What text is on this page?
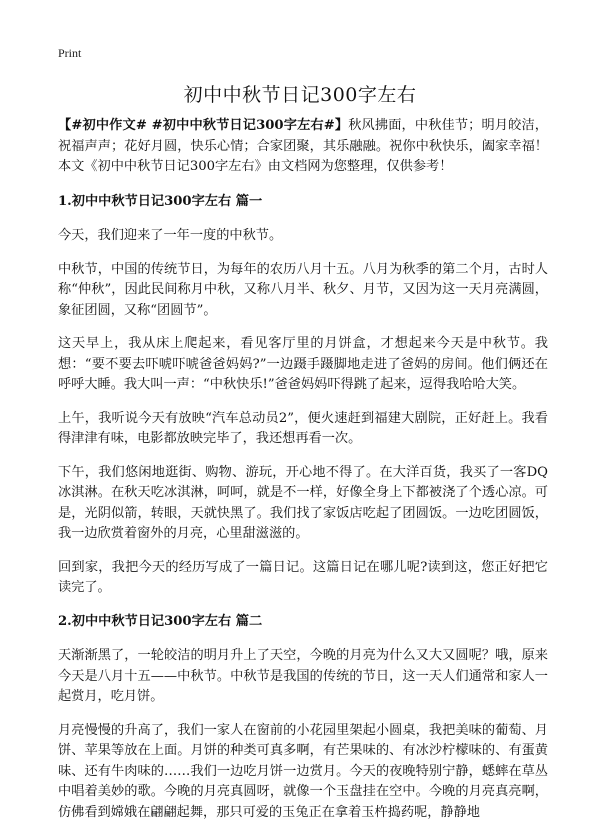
Print
初中中秋节日记300字左右

【#初中作文# #初中中秋节日记300字左右#】秋风拂面，中秋佳节；明月皎洁，祝福声声；花好月圆，快乐心情；合家团聚，其乐融融。祝你中秋快乐，阖家幸福！本文《初中中秋节日记300字左右》由文档网为您整理，仅供参考！

1.初中中秋节日记300字左右 篇一

今天，我们迎来了一年一度的中秋节。

中秋节，中国的传统节日，为每年的农历八月十五。八月为秋季的第二个月，古时人称“仲秋”，因此民间称月中秋，又称八月半、秋夕、月节，又因为这一天月亮满圆，象征团圆，又称“团圆节”。

这天早上，我从床上爬起来，看见客厅里的月饼盒，才想起来今天是中秋节。我想：“要不要去吓唬吓唬爸爸妈妈?”一边蹑手蹑脚地走进了爸妈的房间。他们俩还在呼呼大睡。我大叫一声：“中秋快乐!”爸爸妈妈吓得跳了起来，逗得我哈哈大笑。

上午，我听说今天有放映“汽车总动员2”，便火速赶到福建大剧院，正好赶上。我看得津津有味，电影都放映完毕了，我还想再看一次。

下午，我们悠闲地逛街、购物、游玩，开心地不得了。在大洋百货，我买了一客DQ冰淇淋。在秋天吃冰淇淋，呵呵，就是不一样，好像全身上下都被浇了个透心凉。可是，光阴似箭，转眼，天就快黑了。我们找了家饭店吃起了团圆饭。一边吃团圆饭，我一边欣赏着窗外的月亮，心里甜滋滋的。

回到家，我把今天的经历写成了一篇日记。这篇日记在哪儿呢?读到这，您正好把它读完了。

2.初中中秋节日记300字左右 篇二

天渐渐黑了，一轮皎洁的明月升上了天空，今晚的月亮为什么又大又圆呢？哦，原来今天是八月十五——中秋节。中秋节是我国的传统的节日，这一天人们通常和家人一起赏月，吃月饼。

月亮慢慢的升高了，我们一家人在窗前的小花园里架起小圆桌，我把美味的葡萄、月饼、苹果等放在上面。月饼的种类可真多啊，有芒果味的、有冰沙柠檬味的、有蛋黄味、还有牛肉味的……我们一边吃月饼一边赏月。今天的夜晚特别宁静，蟋蟀在草丛中唱着美妙的歌。今晚的月亮真圆呀，就像一个玉盘挂在空中。今晚的月亮真亮啊，仿佛看到嫦娥在翩翩起舞，那只可爱的玉兔正在拿着玉杵捣药呢，静静地
